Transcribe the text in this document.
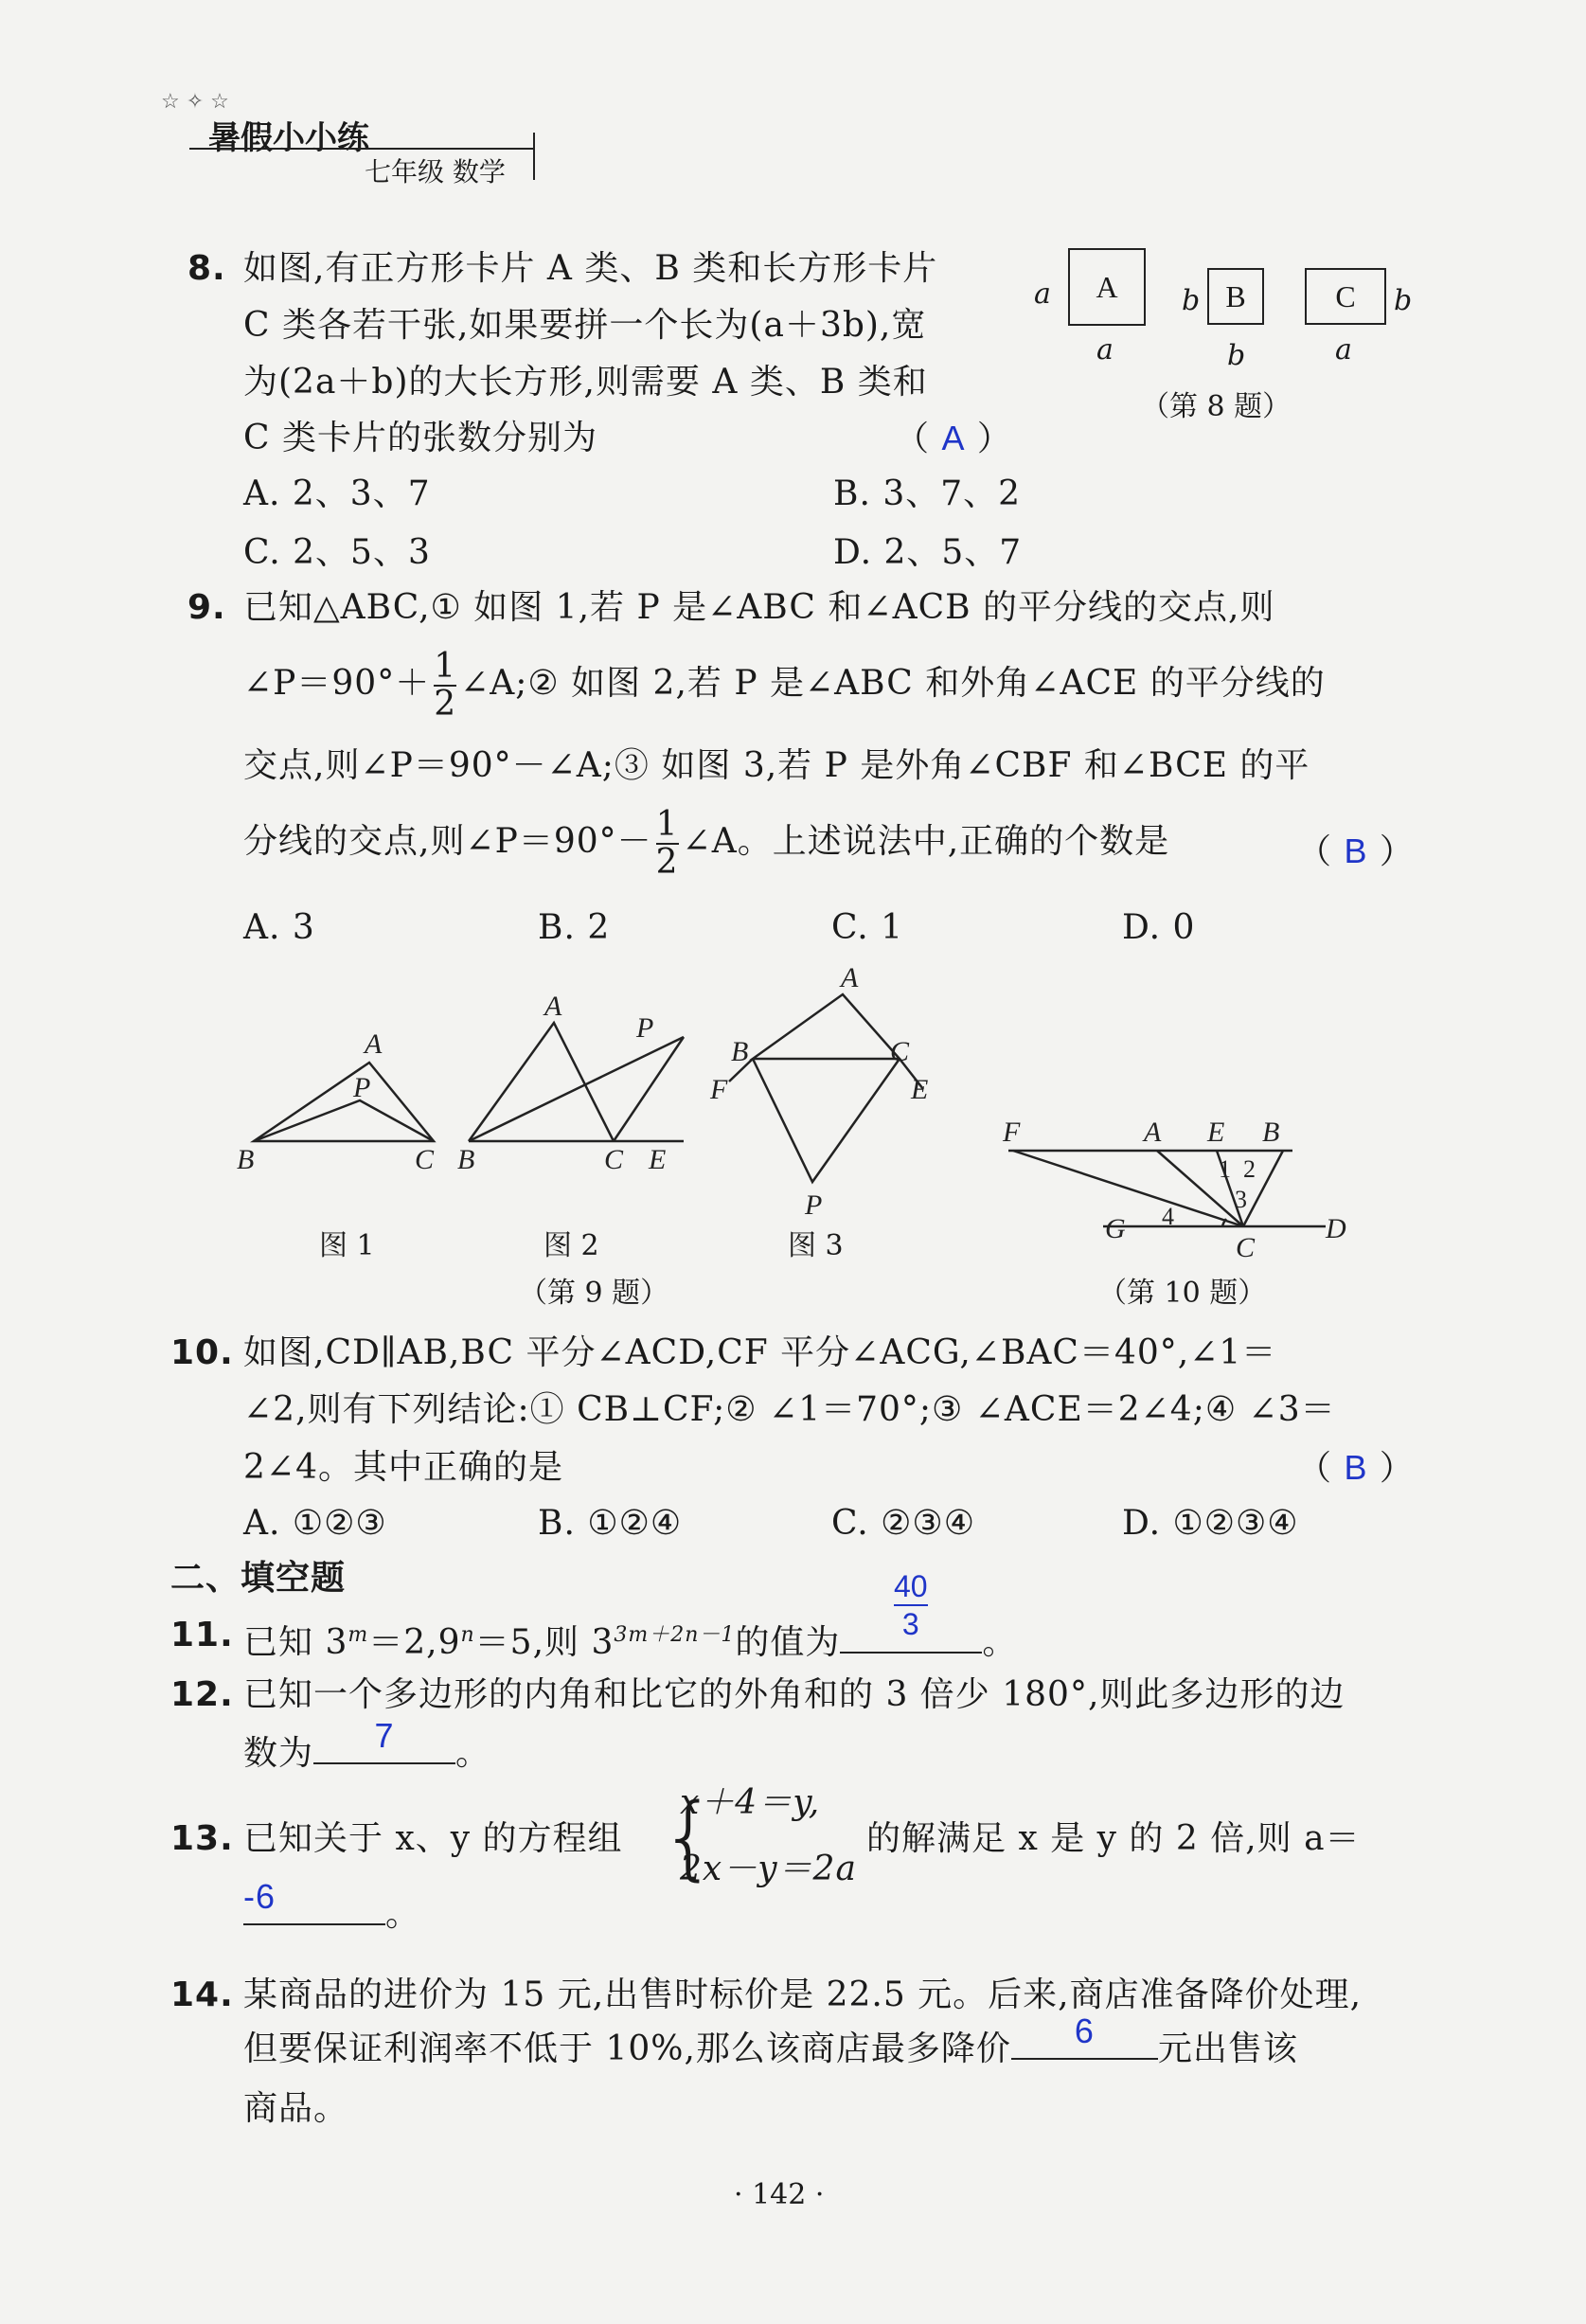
☆ ✧ ☆
暑假小小练
七年级 数学
8. 如图,有正方形卡片 A 类、B 类和长方形卡片
C 类各若干张,如果要拼一个长为(a＋3b),宽
为(2a＋b)的大长方形,则需要 A 类、B 类和
C 类卡片的张数分别为	（ A ）
A. 2、3、7	B. 3、7、2
C. 2、5、3	D. 2、5、7
A
a
a
B
b
b
C b
a
（第 8 题）
9. 已知△ABC,① 如图 1,若 P 是∠ABC 和∠ACB 的平分线的交点,则
∠P＝90°＋ $\frac{1}{2}$ ∠A;② 如图 2,若 P 是∠ABC 和外角∠ACE 的平分线的
交点,则∠P＝90°－∠A;③ 如图 3,若 P 是外角∠CBF 和∠BCE 的平
分线的交点,则∠P＝90°－ $\frac{1}{2}$ ∠A。上述说法中,正确的个数是	（ B ）
A. 3	B. 2	C. 1	D. 0
A
P
B	C
A
P
B	C E
A
B
F
C
E
P
图 1	图 2	图 3
（第 9 题）
F	A E B
1 2
3
4
G
C
D
（第 10 题）
10. 如图,CD∥AB,BC 平分∠ACD,CF 平分∠ACG,∠BAC＝40°,∠1＝
∠2,则有下列结论:① CB⊥CF;② ∠1＝70°;③ ∠ACE＝2∠4;④ ∠3＝
2∠4。其中正确的是	（ B ）
A. ①②③	B. ①②④	C. ②③④	D. ①②③④
二、填空题
11. 已知 $3^m=2,9^n=5$,则 $3^{3m+2n-1}$的值为	。
$\frac{40}{3}$
12. 已知一个多边形的内角和比它的外角和的 3 倍少 180°,则此多边形的边
数为	7	。
13. 已知关于 x、y 的方程组 {
x＋4＝y,
2x－y＝2a
的解满足 x 是 y 的 2 倍,则 a＝
-6	。
14. 某商品的进价为 15 元,出售时标价是 22.5 元。后来,商店准备降价处理,
但要保证利润率不低于 10%,那么该商店最多降价	6	元出售该
商品。
· 142 ·
